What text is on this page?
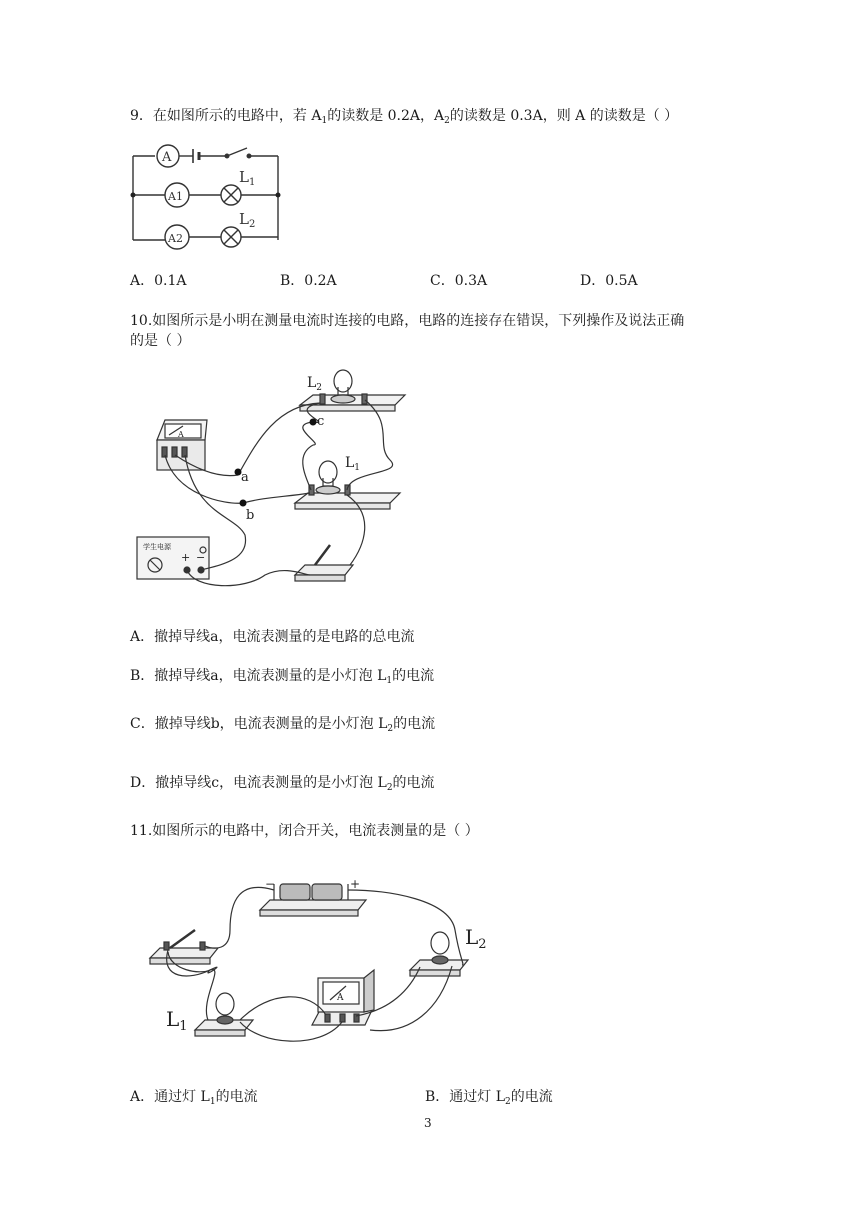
9．在如图所示的电路中，若 $A_1$的读数是 0.2A，$A_2$的读数是 0.3A，则 A 的读数是（ ）
A
A1
A2
$L_1$
$L_2$
A．0.1A	B．0.2A	C．0.3A	D．0.5A
10.如图所示是小明在测量电流时连接的电路，电路的连接存在错误，下列操作及说法正确
的是（ ）
$L_2$
$L_1$
a
b
c
A
学生电源
+ −
A．撤掉导线a，电流表测量的是电路的总电流
B．撤掉导线a，电流表测量的是小灯泡 $L_1$的电流
C．撤掉导线b，电流表测量的是小灯泡 $L_2$的电流
D．撤掉导线c，电流表测量的是小灯泡 $L_2$的电流
11.如图所示的电路中，闭合开关，电流表测量的是（ ）
−	+
A
$L_2$
$L_1$
A．通过灯 $L_1$的电流	B．通过灯 $L_2$的电流
3
